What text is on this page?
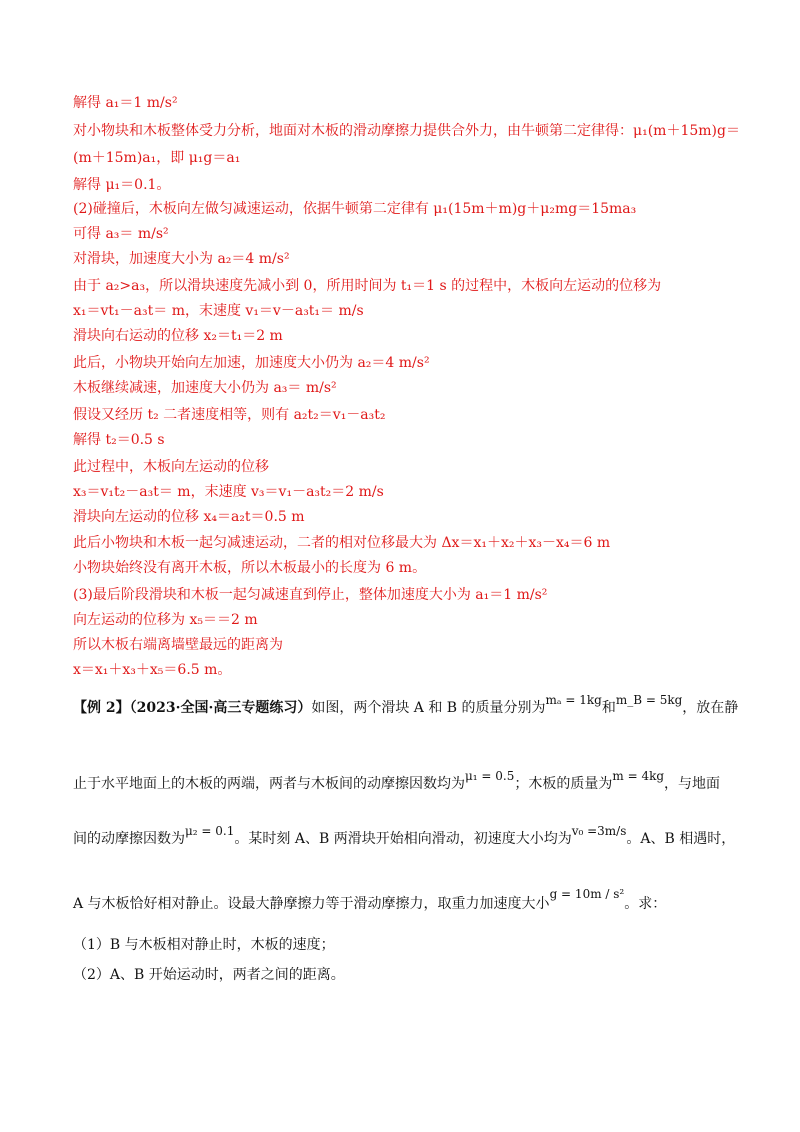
解得 a₁＝1 m/s²
对小物块和木板整体受力分析，地面对木板的滑动摩擦力提供合外力，由牛顿第二定律得：μ₁(m＋15m)g＝
(m＋15m)a₁，即 μ₁g＝a₁
解得 μ₁＝0.1。
(2)碰撞后，木板向左做匀减速运动，依据牛顿第二定律有 μ₁(15m＋m)g＋μ₂mg＝15ma₃
可得 a₃＝ m/s²
对滑块，加速度大小为 a₂＝4 m/s²
由于 a₂>a₃，所以滑块速度先减小到 0，所用时间为 t₁＝1 s 的过程中，木板向左运动的位移为
x₁＝vt₁－a₃t＝ m，末速度 v₁＝v－a₃t₁＝ m/s
滑块向右运动的位移 x₂＝t₁＝2 m
此后，小物块开始向左加速，加速度大小仍为 a₂＝4 m/s²
木板继续减速，加速度大小仍为 a₃＝ m/s²
假设又经历 t₂ 二者速度相等，则有 a₂t₂＝v₁－a₃t₂
解得 t₂＝0.5 s
此过程中，木板向左运动的位移
x₃＝v₁t₂－a₃t＝ m，末速度 v₃＝v₁－a₃t₂＝2 m/s
滑块向左运动的位移 x₄＝a₂t＝0.5 m
此后小物块和木板一起匀减速运动，二者的相对位移最大为 Δx＝x₁＋x₂＋x₃－x₄＝6 m
小物块始终没有离开木板，所以木板最小的长度为 6 m。
(3)最后阶段滑块和木板一起匀减速直到停止，整体加速度大小为 a₁＝1 m/s²
向左运动的位移为 x₅＝＝2 m
所以木板右端离墙壁最远的距离为
x＝x₁＋x₃＋x₅＝6.5 m。
【例 2】（2023·全国·高三专题练习）如图，两个滑块 A 和 B 的质量分别为mₐ = 1kg和m_B = 5kg，放在静
止于水平地面上的木板的两端，两者与木板间的动摩擦因数均为μ₁ = 0.5；木板的质量为m = 4kg，与地面
间的动摩擦因数为μ₂ = 0.1。某时刻 A、B 两滑块开始相向滑动，初速度大小均为v₀ =3m/s。A、B 相遇时，
A 与木板恰好相对静止。设最大静摩擦力等于滑动摩擦力，取重力加速度大小g = 10m / s²。求：
（1）B 与木板相对静止时，木板的速度；
（2）A、B 开始运动时，两者之间的距离。
